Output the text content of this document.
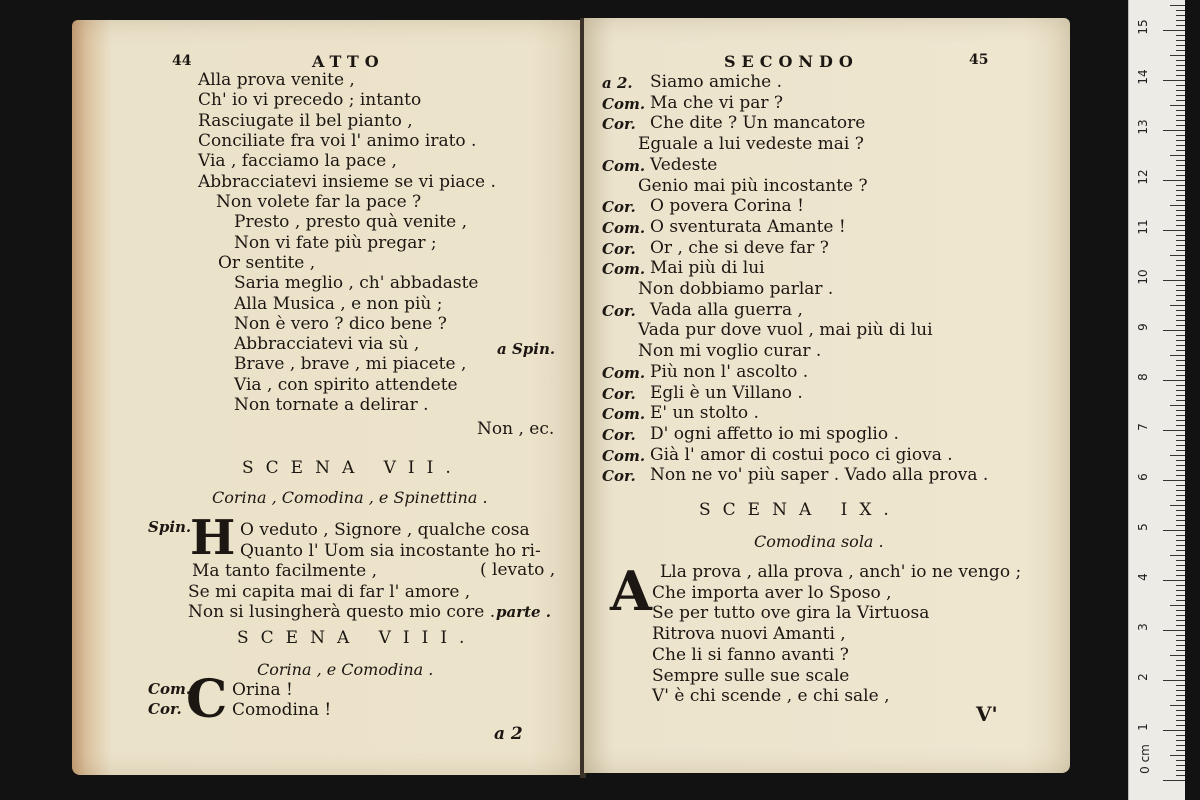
44	ATTO
Alla prova venite ,
Ch' io vi precedo ; intanto
Rasciugate il bel pianto ,
Conciliate fra voi l' animo irato .
Via , facciamo la pace ,
Abbracciatevi insieme se vi piace .
Non volete far la pace ?
Presto , presto quà venite ,
Non vi fate più pregar ;
Or sentite ,
Saria meglio , ch' abbadaste
Alla Musica , e non più ;
Non è vero ? dico bene ?
Abbracciatevi via sù ,
Brave , brave , mi piacete ,
Via , con spirito attendete
Non tornate a delirar .
a Spin.
Non , ec.
SCENA VII.
Corina , Comodina , e Spinettina .
Spin.
H O veduto , Signore , qualche cosa
Quanto l' Uom sia incostante ho ri-
Ma tanto facilmente ,
Se mi capita mai di far l' amore ,
Non si lusingherà questo mio core .
( levato ,
parte .
SCENA VIII.
Corina , e Comodina .
Com.
Cor. C Orina !
Comodina !
a 2
SECONDO	45
a 2. Siamo amiche .
Com. Ma che vi par ?
Cor. Che dite ? Un mancatore
Eguale a lui vedeste mai ?
Com. Vedeste
Genio mai più incostante ?
Cor. O povera Corina !
Com. O sventurata Amante !
Cor. Or , che si deve far ?
Com. Mai più di lui
Non dobbiamo parlar .
Cor. Vada alla guerra ,
Vada pur dove vuol , mai più di lui
Non mi voglio curar .
Com. Più non l' ascolto .
Cor. Egli è un Villano .
Com. E' un stolto .
Cor. D' ogni affetto io mi spoglio .
Com. Già l' amor di costui poco ci giova .
Cor. Non ne vo' più saper . Vado alla prova .
SCENA IX.
Comodina sola .
A Lla prova , alla prova , anch' io ne vengo ;
Che importa aver lo Sposo ,
Se per tutto ove gira la Virtuosa
Ritrova nuovi Amanti ,
Che li si fanno avanti ?
Sempre sulle sue scale
V' è chi scende , e chi sale ,
V'
0 cm
1
2
3
4
5
6
7
8
9
10
11
12
13
14
15
